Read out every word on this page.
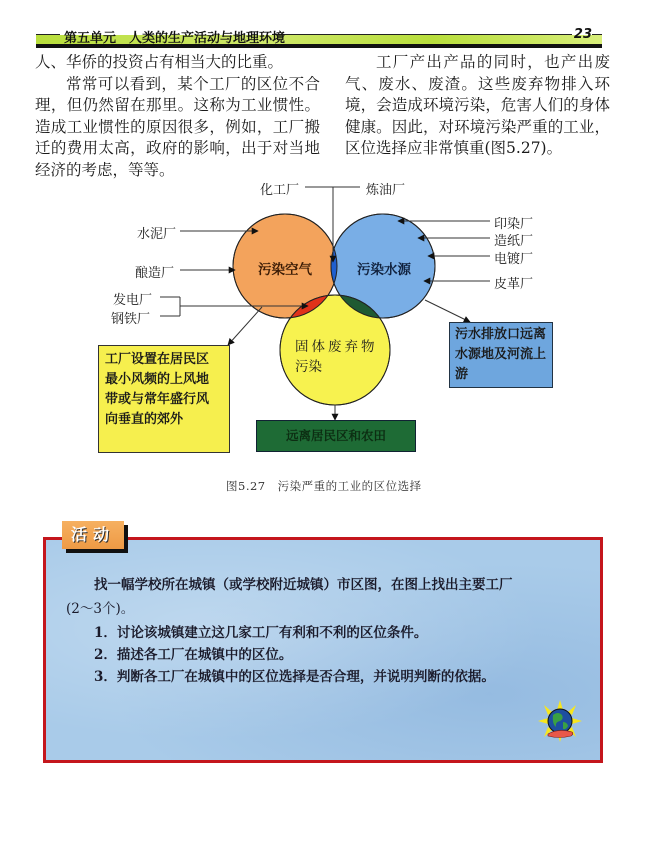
第五单元　人类的生产活动与地理环境	23

人、华侨的投资占有相当大的比重。

常常可以看到，某个工厂的区位不合理，但仍然留在那里。这称为工业惯性。造成工业惯性的原因很多，例如，工厂搬迁的费用太高，政府的影响，出于对当地经济的考虑，等等。

工厂产出产品的同时，也产出废气、废水、废渣。这些废弃物排入环境，会造成环境污染，危害人们的身体健康。因此，对环境污染严重的工业，区位选择应非常慎重(图5.27)。

化工厂	炼油厂
水泥厂
酿造厂
发电厂
钢铁厂
印染厂
造纸厂
电镀厂
皮革厂
污染空气	污染水源
固体废弃物
污染
工厂设置在居民区
最小风频的上风地
带或与常年盛行风
向垂直的郊外
污水排放口远离
水源地及河流上
游
远离居民区和农田
图5.27　污染严重的工业的区位选择
活动
找一幅学校所在城镇（或学校附近城镇）市区图，在图上找出主要工厂
(2～3个)。
1．讨论该城镇建立这几家工厂有利和不利的区位条件。
2．描述各工厂在城镇中的区位。
3．判断各工厂在城镇中的区位选择是否合理，并说明判断的依据。
